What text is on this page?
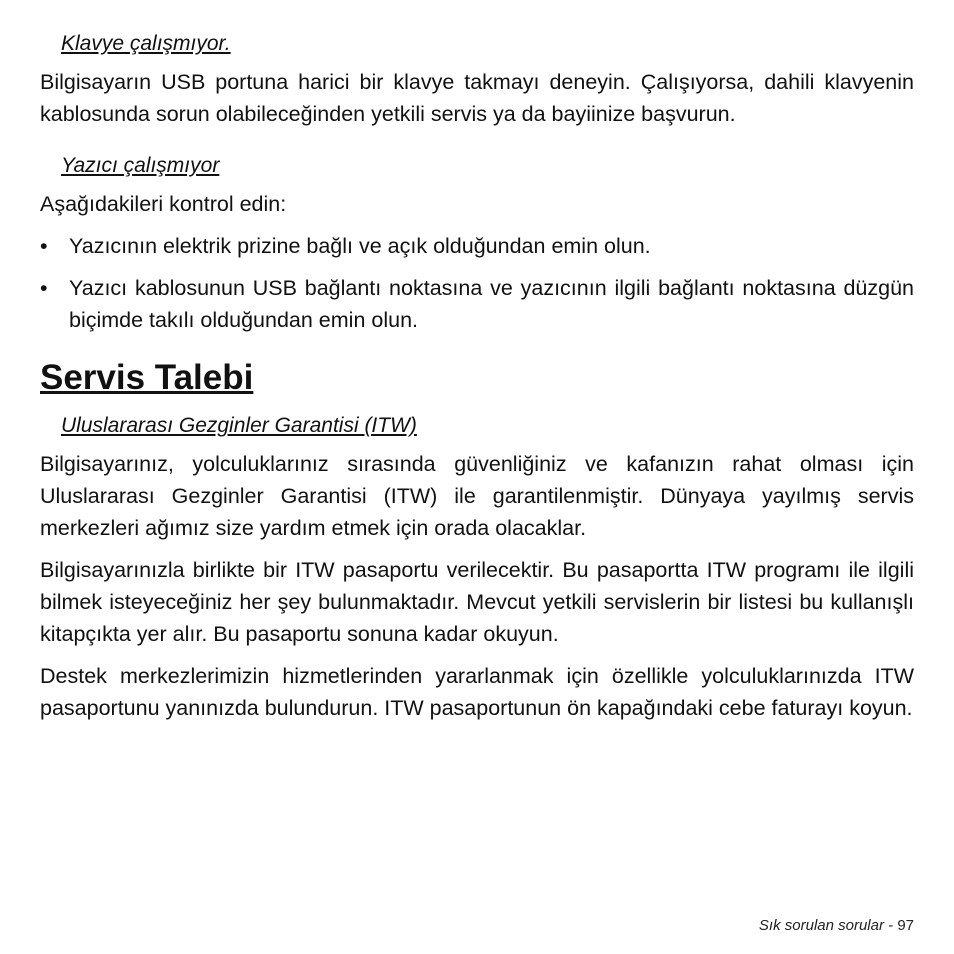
Klavye çalışmıyor.

Bilgisayarın USB portuna harici bir klavye takmayı deneyin. Çalışıyorsa, dahili klavyenin kablosunda sorun olabileceğinden yetkili servis ya da bayiinize başvurun.

Yazıcı çalışmıyor

Aşağıdakileri kontrol edin:

• Yazıcının elektrik prizine bağlı ve açık olduğundan emin olun.
• Yazıcı kablosunun USB bağlantı noktasına ve yazıcının ilgili bağlantı noktasına düzgün biçimde takılı olduğundan emin olun.
Servis Talebi
Uluslararası Gezginler Garantisi (ITW)

Bilgisayarınız, yolculuklarınız sırasında güvenliğiniz ve kafanızın rahat olması için Uluslararası Gezginler Garantisi (ITW) ile garantilenmiştir. Dünyaya yayılmış servis merkezleri ağımız size yardım etmek için orada olacaklar.

Bilgisayarınızla birlikte bir ITW pasaportu verilecektir. Bu pasaportta ITW programı ile ilgili bilmek isteyeceğiniz her şey bulunmaktadır. Mevcut yetkili servislerin bir listesi bu kullanışlı kitapçıkta yer alır. Bu pasaportu sonuna kadar okuyun.

Destek merkezlerimizin hizmetlerinden yararlanmak için özellikle yolculuklarınızda ITW pasaportunu yanınızda bulundurun. ITW pasaportunun ön kapağındaki cebe faturayı koyun.

Sık sorulan sorular - 97
